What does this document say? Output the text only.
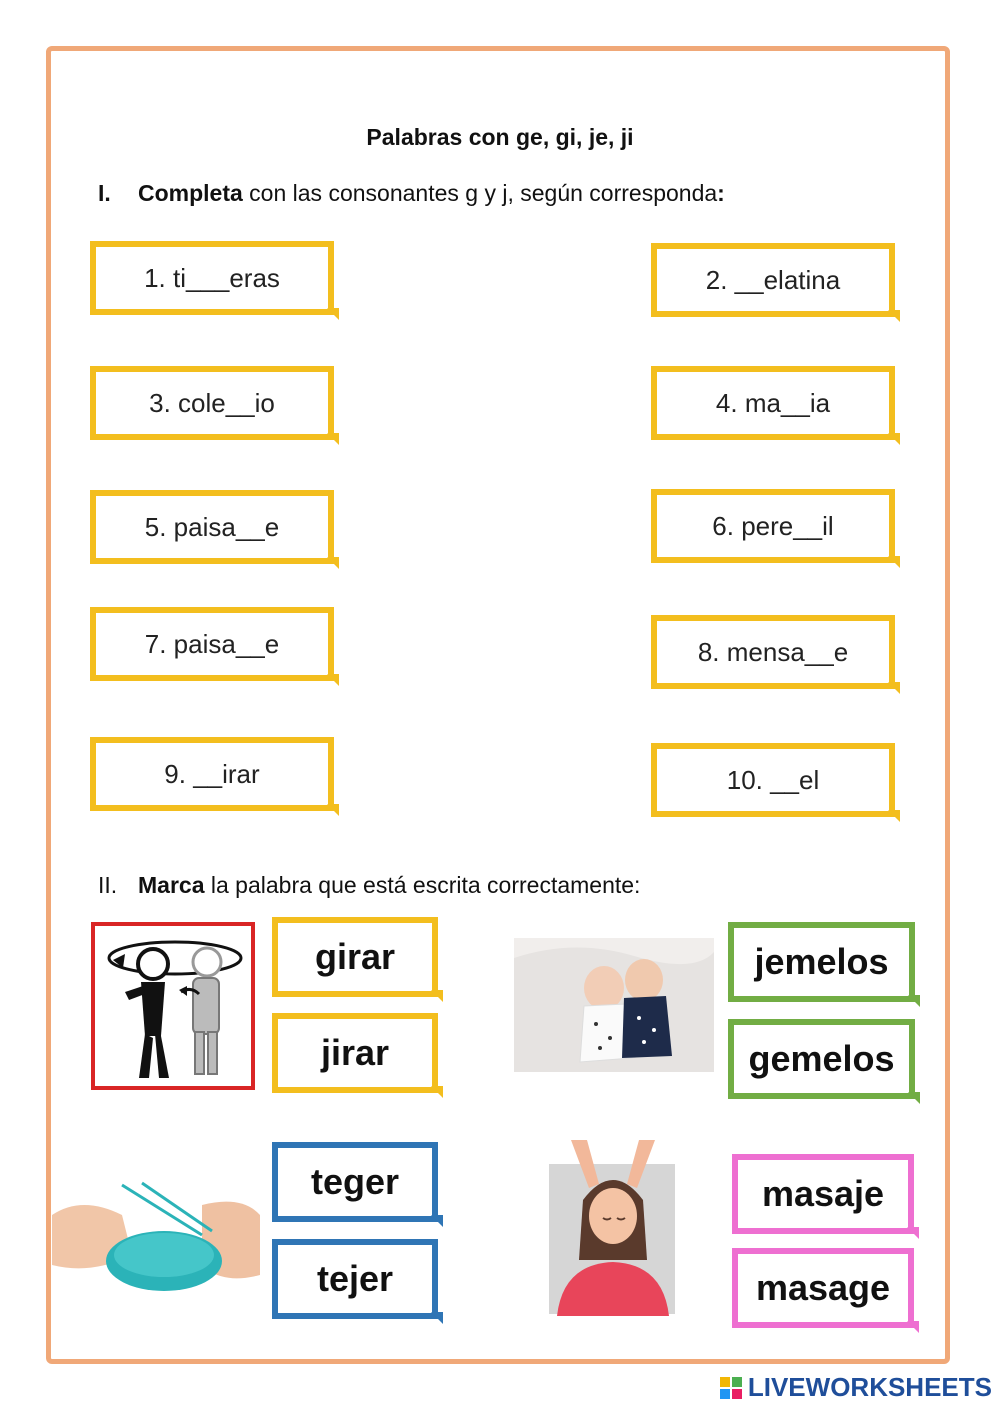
Palabras con ge, gi, je, ji
I. Completa con las consonantes g y j, según corresponda:
1. ti___eras	2. __elatina
3. cole__io	4. ma__ia
5. paisa__e	6. pere__il
7. paisa__e	8. mensa__e
9. __irar	10. __el
II. Marca la palabra que está escrita correctamente:
girar
jirar
jemelos
gemelos
teger
tejer
masaje
masage
LIVEWORKSHEETS
